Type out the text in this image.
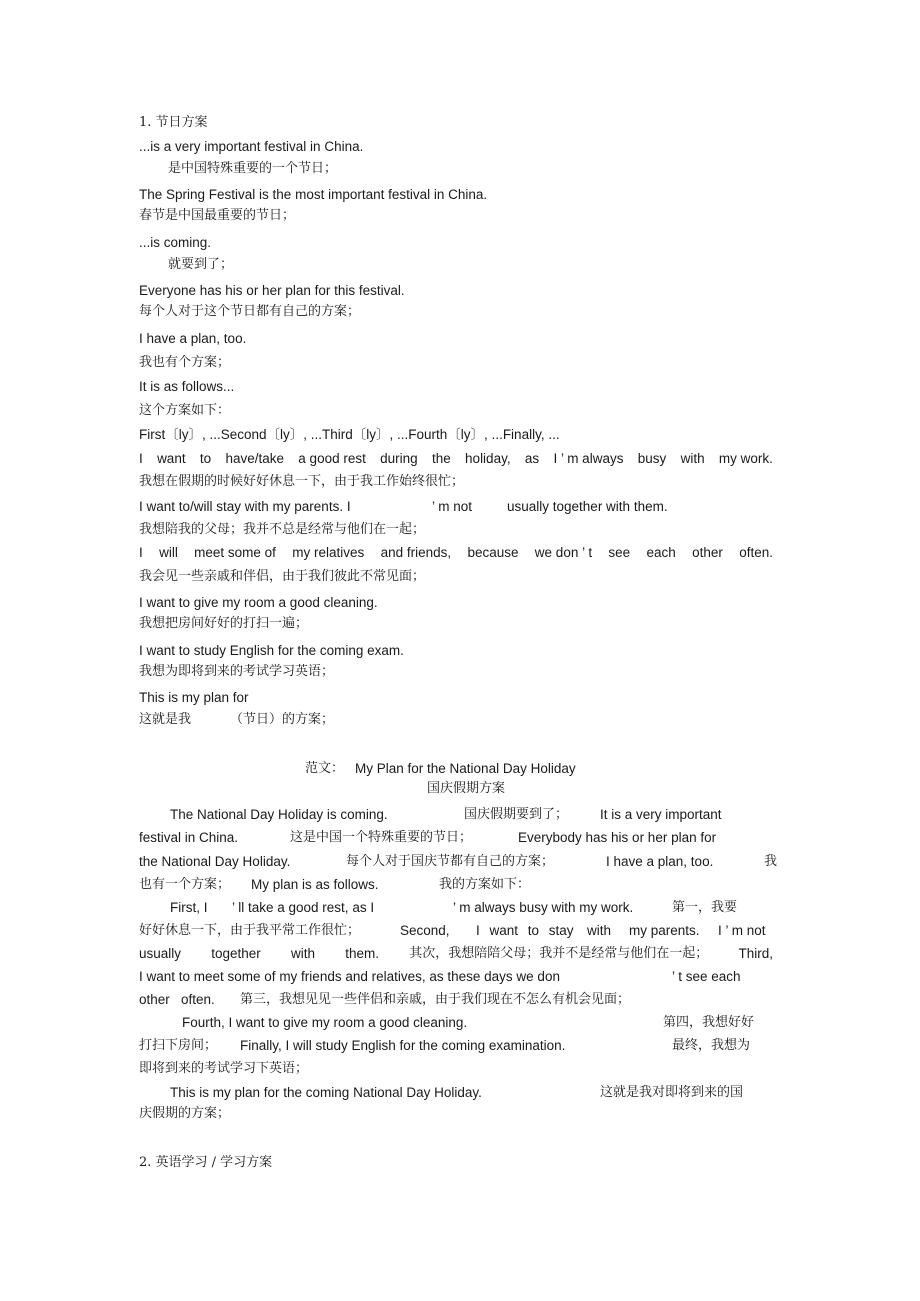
1. 节日方案
...is a very important festival in China.
是中国特殊重要的一个节日；
The Spring Festival is the most important festival in China.
春节是中国最重要的节日；
...is coming.
就要到了；
Everyone has his or her plan for this festival.
每个人对于这个节日都有自己的方案；
I have a plan, too.
我也有个方案；
It is as follows...
这个方案如下：
First〔ly〕, ...Second〔ly〕, ...Third〔ly〕, ...Fourth〔ly〕, ...Finally, ...
I want to have/take a good rest during the holiday, as I ’ m always busy with my work.
我想在假期的时候好好休息一下，由于我工作始终很忙；
I want to/will stay with my parents. I	’ m not	usually together with them.
我想陪我的父母；我并不总是经常与他们在一起；
I will meet some of my relatives and friends, because we don ’ t see each other often.
我会见一些亲戚和伴侣，由于我们彼此不常见面；
I want to give my room a good cleaning.
我想把房间好好的打扫一遍；
I want to study English for the coming exam.
我想为即将到来的考试学习英语；
This is my plan for
这就是我	（节日）的方案；
范文： My Plan for the National Day Holiday
国庆假期方案
The National Day Holiday is coming.	国庆假期要到了； It is a very important
festival in China.	这是中国一个特殊重要的节日；	Everybody has his or her plan for
the National Day Holiday.	每个人对于国庆节都有自己的方案；	I have a plan, too.	我
也有一个方案； My plan is as follows.	我的方案如下：
First, I ’ ll take a good rest, as I	’ m always busy with my work.	第一，我要
好好休息一下，由于我平常工作很忙；	Second, I want to stay with my parents. I ’ m not
usually together with them. 其次，我想陪陪父母；我并不是经常与他们在一起； Third,
I want to meet some of my friends and relatives, as these days we don	’ t see each
other often. 第三，我想见见一些伴侣和亲戚，由于我们现在不怎么有机会见面；
Fourth, I want to give my room a good cleaning.	第四，我想好好
打扫下房间； Finally, I will study English for the coming examination.	最终，我想为
即将到来的考试学习下英语；
This is my plan for the coming National Day Holiday.	这就是我对即将到来的国
庆假期的方案；
2. 英语学习 / 学习方案
